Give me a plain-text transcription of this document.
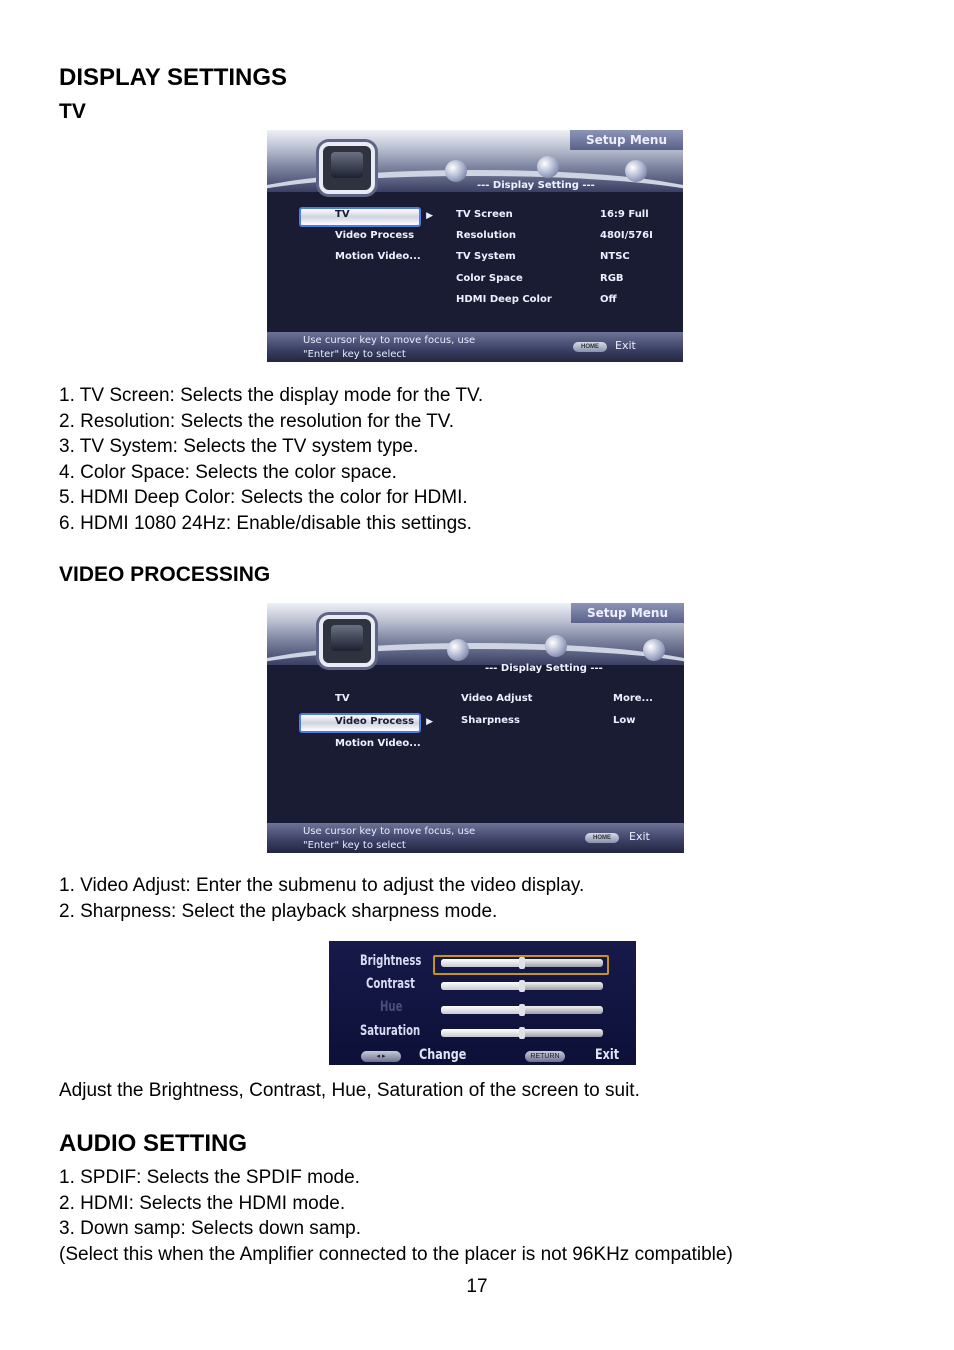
DISPLAY SETTINGS
TV
Setup Menu
--- Display Setting ---
▶
TV
Video Process
Motion Video...
TV Screen	16:9 Full
Resolution	480I/576I
TV System	NTSC
Color Space	RGB
HDMI Deep Color	Off
Use cursor key to move focus, use
"Enter" key to select
HOME	Exit
1. TV Screen: Selects the display mode for the TV.
2. Resolution: Selects the resolution for the TV.
3. TV System: Selects the TV system type.
4. Color Space: Selects the color space.
5. HDMI Deep Color: Selects the color for HDMI.
6. HDMI 1080 24Hz: Enable/disable this settings.
VIDEO PROCESSING
Setup Menu
--- Display Setting ---
TV
▶
Video Process
Motion Video...
Video Adjust	More...
Sharpness	Low
Use cursor key to move focus, use
"Enter" key to select
HOME	Exit
1. Video Adjust: Enter the submenu to adjust the video display.
2. Sharpness: Select the playback sharpness mode.
Brightness
Contrast
Hue
Saturation
◂ ▸	Change	RETURN	Exit

Adjust the Brightness, Contrast, Hue, Saturation of the screen to suit.

AUDIO SETTING
1. SPDIF: Selects the SPDIF mode.
2. HDMI: Selects the HDMI mode.
3. Down samp: Selects down samp.
(Select this when the Amplifier connected to the placer is not 96KHz compatible)
17
